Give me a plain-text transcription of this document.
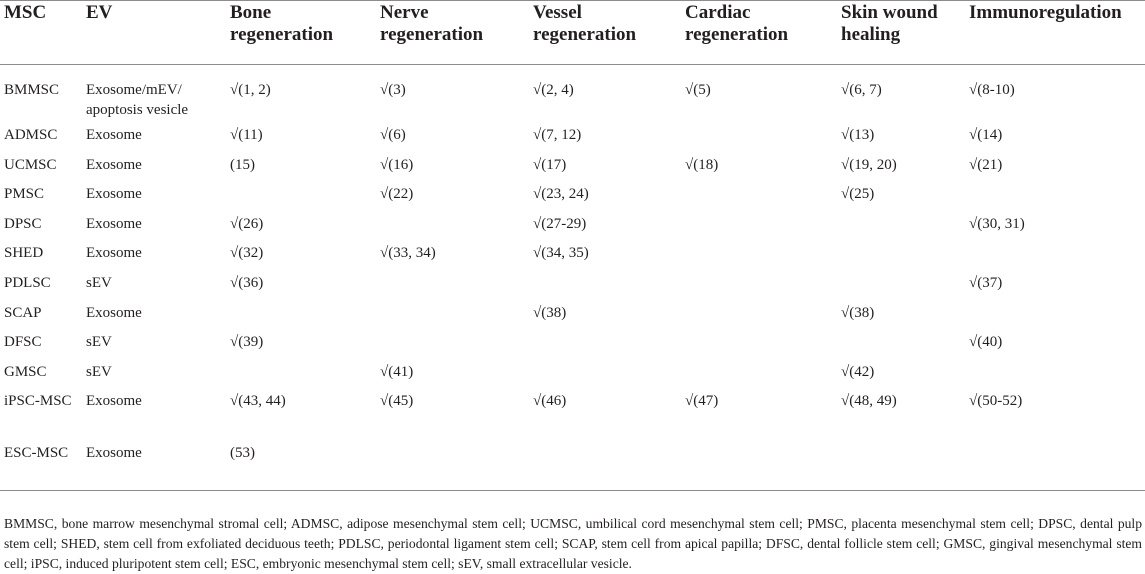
MSC	EV	Bone regeneration	Nerve regeneration	Vessel regeneration	Cardiac regeneration	Skin wound healing	Immunoregulation
BMMSC	Exosome/mEV/ apoptosis vesicle	√(1, 2)	√(3)	√(2, 4)	√(5)	√(6, 7)	√(8-10)
ADMSC	Exosome	√(11)	√(6)	√(7, 12)		√(13)	√(14)
UCMSC	Exosome	(15)	√(16)	√(17)	√(18)	√(19, 20)	√(21)
PMSC	Exosome		√(22)	√(23, 24)		√(25)	
DPSC	Exosome	√(26)		√(27-29)			√(30, 31)
SHED	Exosome	√(32)	√(33, 34)	√(34, 35)			
PDLSC	sEV	√(36)					√(37)
SCAP	Exosome			√(38)		√(38)	
DFSC	sEV	√(39)					√(40)
GMSC	sEV		√(41)			√(42)	
iPSC-MSC	Exosome	√(43, 44)	√(45)	√(46)	√(47)	√(48, 49)	√(50-52)
ESC-MSC	Exosome	(53)					

BMMSC, bone marrow mesenchymal stromal cell; ADMSC, adipose mesenchymal stem cell; UCMSC, umbilical cord mesenchymal stem cell; PMSC, placenta mesenchymal stem cell; DPSC, dental pulp stem cell; SHED, stem cell from exfoliated deciduous teeth; PDLSC, periodontal ligament stem cell; SCAP, stem cell from apical papilla; DFSC, dental follicle stem cell; GMSC, gingival mesenchymal stem cell; iPSC, induced pluripotent stem cell; ESC, embryonic mesenchymal stem cell; sEV, small extracellular vesicle.
